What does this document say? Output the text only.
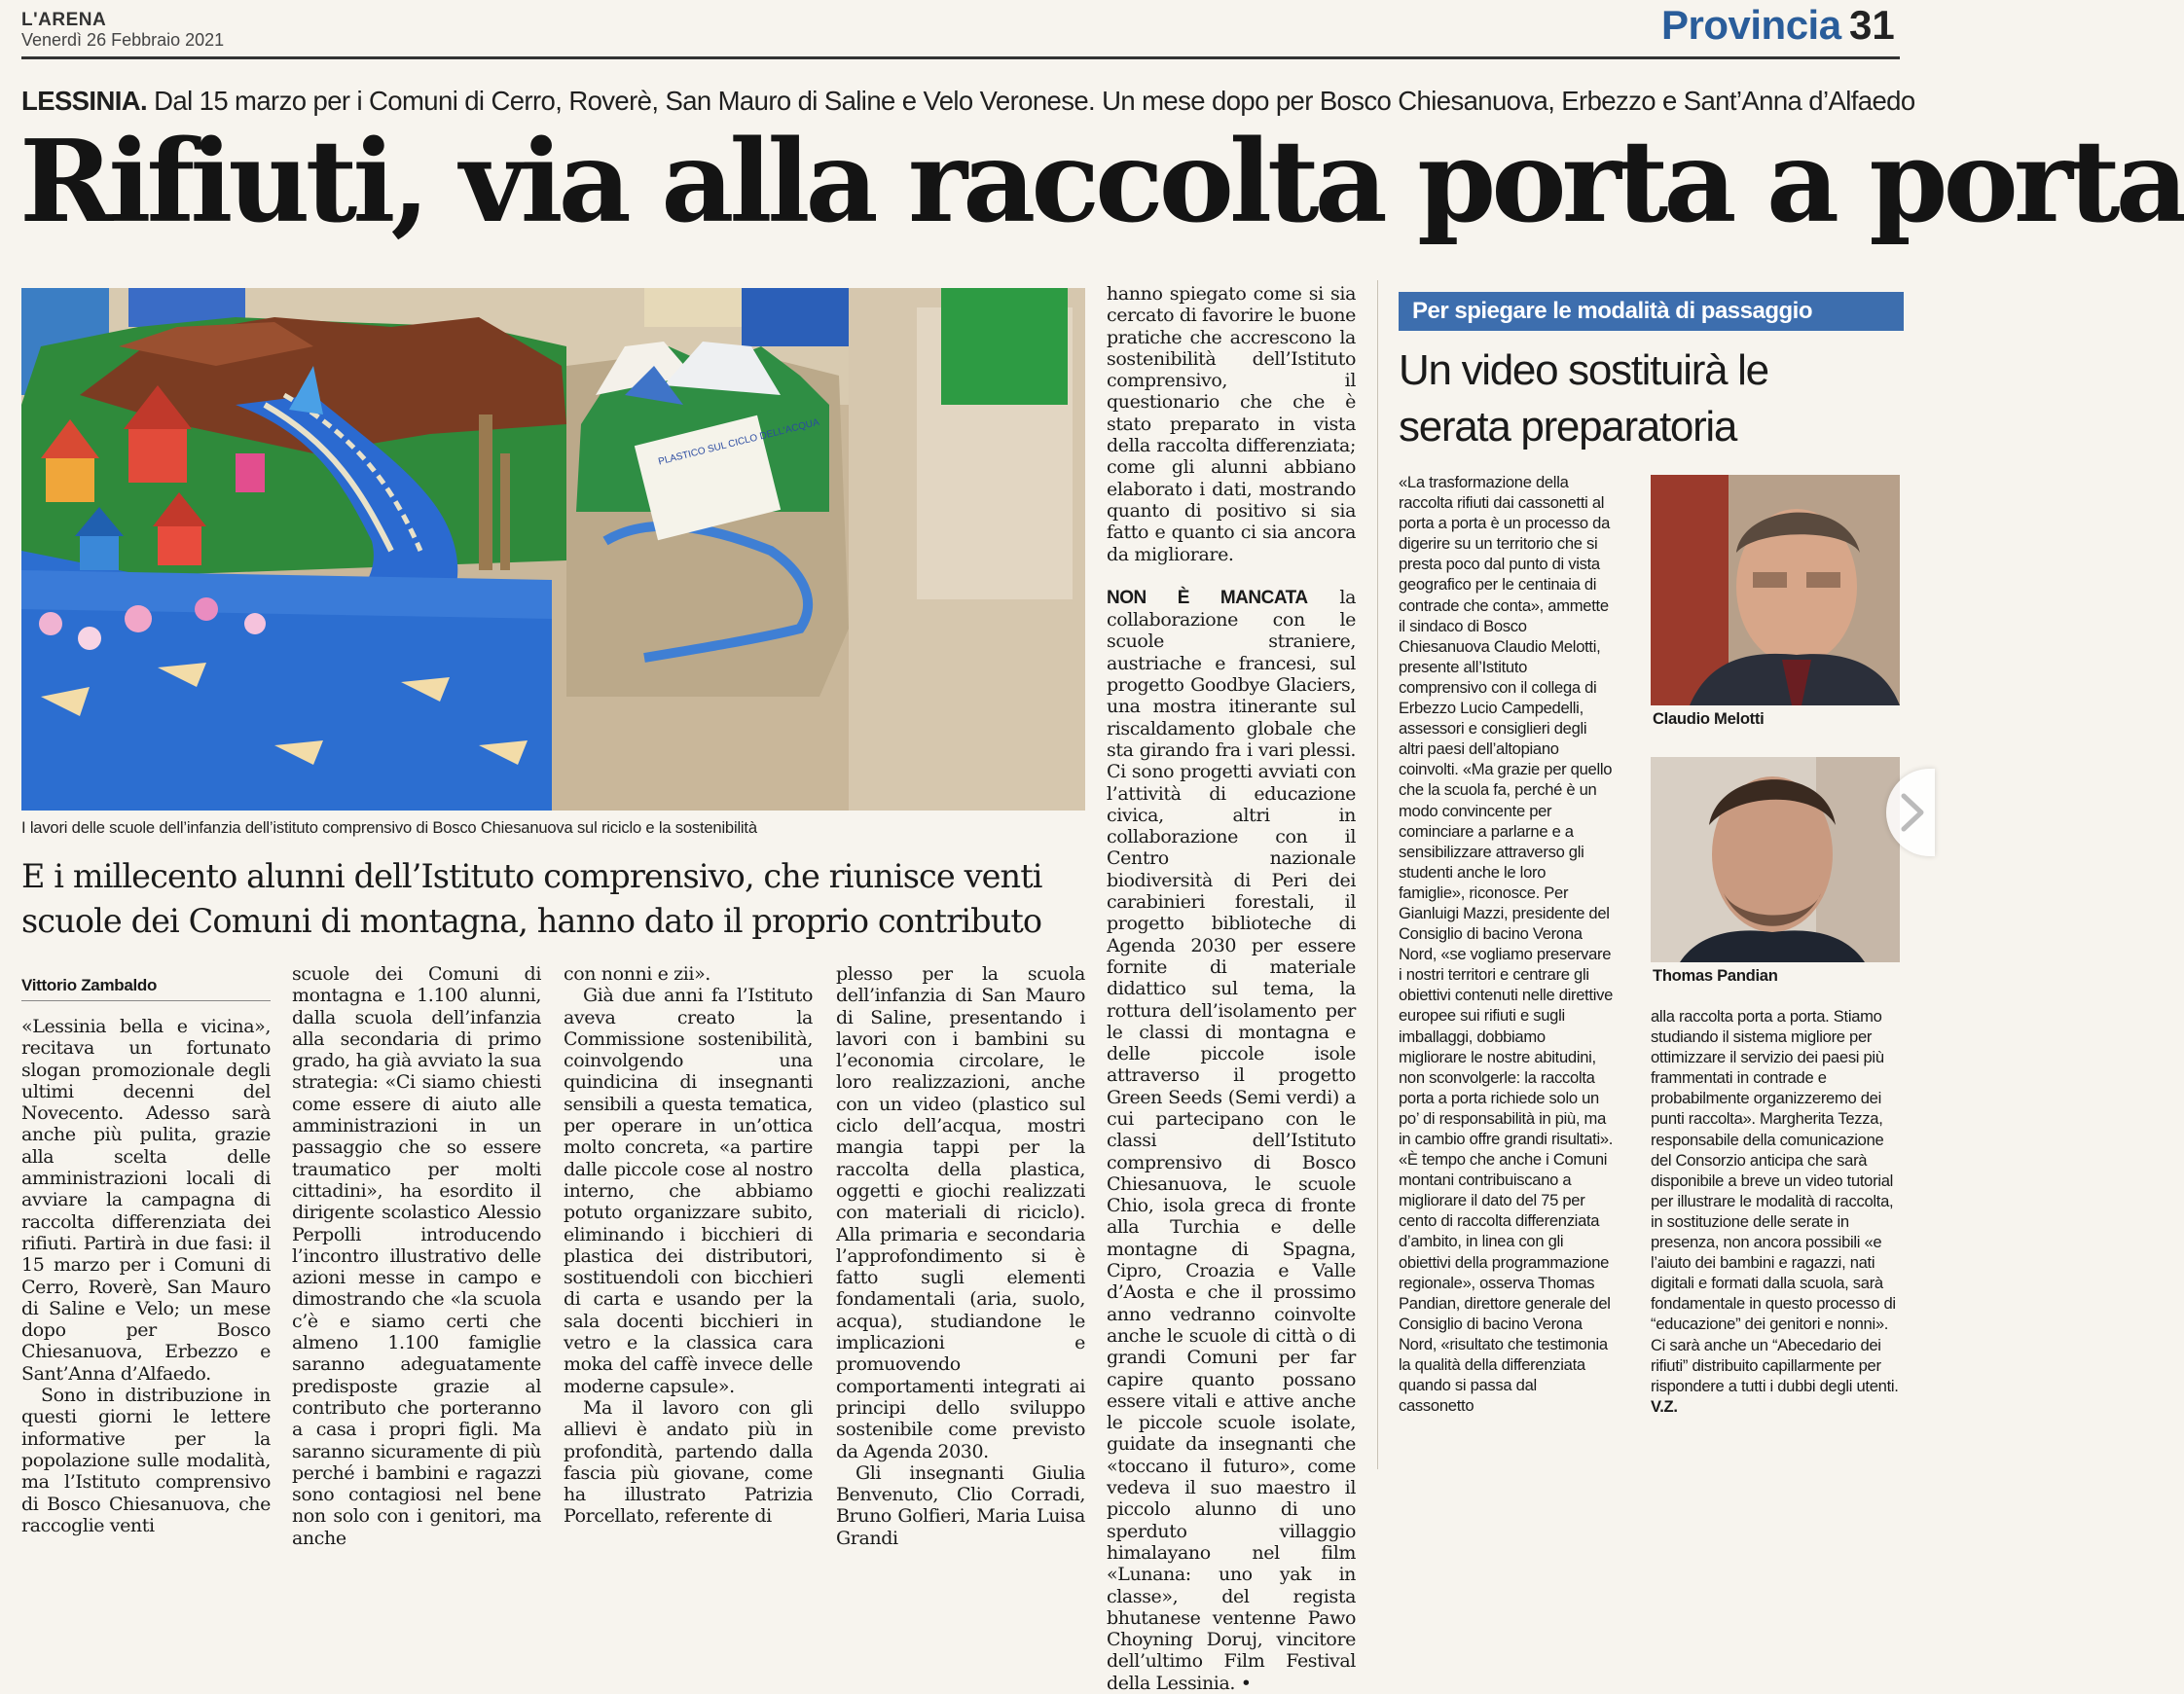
L'ARENA
Venerdì 26 Febbraio 2021	Provincia 31
LESSINIA. Dal 15 marzo per i Comuni di Cerro, Roverè, San Mauro di Saline e Velo Veronese. Un mese dopo per Bosco Chiesanuova, Erbezzo e Sant’Anna d’Alfaedo
Rifiuti, via alla raccolta porta a porta
PLASTICO SUL CICLO DELL'ACQUA
I lavori delle scuole dell’infanzia dell’istituto comprensivo di Bosco Chiesanuova sul riciclo e la sostenibilità
E i millecento alunni dell’Istituto comprensivo, che riunisce venti scuole dei Comuni di montagna, hanno dato il proprio contributo
Vittorio Zambaldo

«Lessinia bella e vicina», recitava un fortunato slogan promozionale degli ultimi decenni del Novecento. Adesso sarà anche più pulita, grazie alla scelta delle amministrazioni locali di avviare la campagna di raccolta differenziata dei rifiuti. Partirà in due fasi: il 15 marzo per i Comuni di Cerro, Roverè, San Mauro di Saline e Velo; un mese dopo per Bosco Chiesanuova, Erbezzo e Sant’Anna d’Alfaedo.

Sono in distribuzione in questi giorni le lettere informative per la popolazione sulle modalità, ma l’Istituto comprensivo di Bosco Chiesanuova, che raccoglie venti

scuole dei Comuni di montagna e 1.100 alunni, dalla scuola dell’infanzia alla secondaria di primo grado, ha già avviato la sua strategia: «Ci siamo chiesti come essere di aiuto alle amministrazioni in un passaggio che so essere traumatico per molti cittadini», ha esordito il dirigente scolastico Alessio Perpolli introducendo l’incontro illustrativo delle azioni messe in campo e dimostrando che «la scuola c’è e siamo certi che almeno 1.100 famiglie saranno adeguatamente predisposte grazie al contributo che porteranno a casa i propri figli. Ma saranno sicuramente di più perché i bambini e ragazzi sono contagiosi nel bene non solo con i genitori, ma anche

con nonni e zii».

Già due anni fa l’Istituto aveva creato la Commissione sostenibilità, coinvolgendo una quindicina di insegnanti sensibili a questa tematica, per operare in un’ottica molto concreta, «a partire dalle piccole cose al nostro interno, che abbiamo potuto organizzare subito, eliminando i bicchieri di plastica dei distributori, sostituendoli con bicchieri di carta e usando per la sala docenti bicchieri in vetro e la classica cara moka del caffè invece delle moderne capsule».

Ma il lavoro con gli allievi è andato più in profondità, partendo dalla fascia più giovane, come ha illustrato Patrizia Porcellato, referente di

plesso per la scuola dell’infanzia di San Mauro di Saline, presentando i lavori con i bambini su l’economia circolare, le loro realizzazioni, anche con un video (plastico sul ciclo dell’acqua, mostri mangia tappi per la raccolta della plastica, oggetti e giochi realizzati con materiali di riciclo). Alla primaria e secondaria l’approfondimento si è fatto sugli elementi fondamentali (aria, suolo, acqua), studiandone le implicazioni e promuovendo comportamenti integrati ai principi dello sviluppo sostenibile come previsto da Agenda 2030.

Gli insegnanti Giulia Benvenuto, Clio Corradi, Bruno Golfieri, Maria Luisa Grandi

hanno spiegato come si sia cercato di favorire le buone pratiche che accrescono la sostenibilità dell’Istituto comprensivo, il questionario che che è stato preparato in vista della raccolta differenziata; come gli alunni abbiano elaborato i dati, mostrando quanto di positivo si sia fatto e quanto ci sia ancora da migliorare.

NON È MANCATA la collaborazione con le scuole straniere, austriache e francesi, sul progetto Goodbye Glaciers, una mostra itinerante sul riscaldamento globale che sta girando fra i vari plessi. Ci sono progetti avviati con l’attività di educazione civica, altri in collaborazione con il Centro nazionale biodiversità di Peri dei carabinieri forestali, il progetto biblioteche di Agenda 2030 per essere fornite di materiale didattico sul tema, la rottura dell’isolamento per le classi di montagna e delle piccole isole attraverso il progetto Green Seeds (Semi verdi) a cui partecipano con le classi dell’Istituto comprensivo di Bosco Chiesanuova, le scuole Chio, isola greca di fronte alla Turchia e delle montagne di Spagna, Cipro, Croazia e Valle d’Aosta e che il prossimo anno vedranno coinvolte anche le scuole di città o di grandi Comuni per far capire quanto possano essere vitali e attive anche le piccole scuole isolate, guidate da insegnanti che «toccano il futuro», come vedeva il suo maestro il piccolo alunno di uno sperduto villaggio himalayano nel film «Lunana: uno yak in classe», del regista bhutanese ventenne Pawo Choyning Doruj, vincitore dell’ultimo Film Festival della Lessinia. •

Per spiegare le modalità di passaggio
Un video sostituirà le serata preparatoria

«La trasformazione della raccolta rifiuti dai cassonetti al porta a porta è un processo da digerire su un territorio che si presta poco dal punto di vista geografico per le centinaia di contrade che conta», ammette il sindaco di Bosco Chiesanuova Claudio Melotti, presente all’Istituto comprensivo con il collega di Erbezzo Lucio Campedelli, assessori e consiglieri degli altri paesi dell’altopiano coinvolti. «Ma grazie per quello che la scuola fa, perché è un modo convincente per cominciare a parlarne e a sensibilizzare attraverso gli studenti anche le loro famiglie», riconosce. Per Gianluigi Mazzi, presidente del Consiglio di bacino Verona Nord, «se vogliamo preservare i nostri territori e centrare gli obiettivi contenuti nelle direttive europee sui rifiuti e sugli imballaggi, dobbiamo migliorare le nostre abitudini, non sconvolgerle: la raccolta porta a porta richiede solo un po’ di responsabilità in più, ma in cambio offre grandi risultati». «È tempo che anche i Comuni montani contribuiscano a migliorare il dato del 75 per cento di raccolta differenziata d’ambito, in linea con gli obiettivi della programmazione regionale», osserva Thomas Pandian, direttore generale del Consiglio di bacino Verona Nord, «risultato che testimonia la qualità della differenziata quando si passa dal cassonetto

Claudio Melotti
Thomas Pandian

alla raccolta porta a porta. Stiamo studiando il sistema migliore per ottimizzare il servizio dei paesi più frammentati in contrade e probabilmente organizzeremo dei punti raccolta». Margherita Tezza, responsabile della comunicazione del Consorzio anticipa che sarà disponibile a breve un video tutorial per illustrare le modalità di raccolta, in sostituzione delle serate in presenza, non ancora possibili «e l’aiuto dei bambini e ragazzi, nati digitali e formati dalla scuola, sarà fondamentale in questo processo di “educazione” dei genitori e nonni». Ci sarà anche un “Abecedario dei rifiuti” distribuito capillarmente per rispondere a tutti i dubbi degli utenti. V.Z.
